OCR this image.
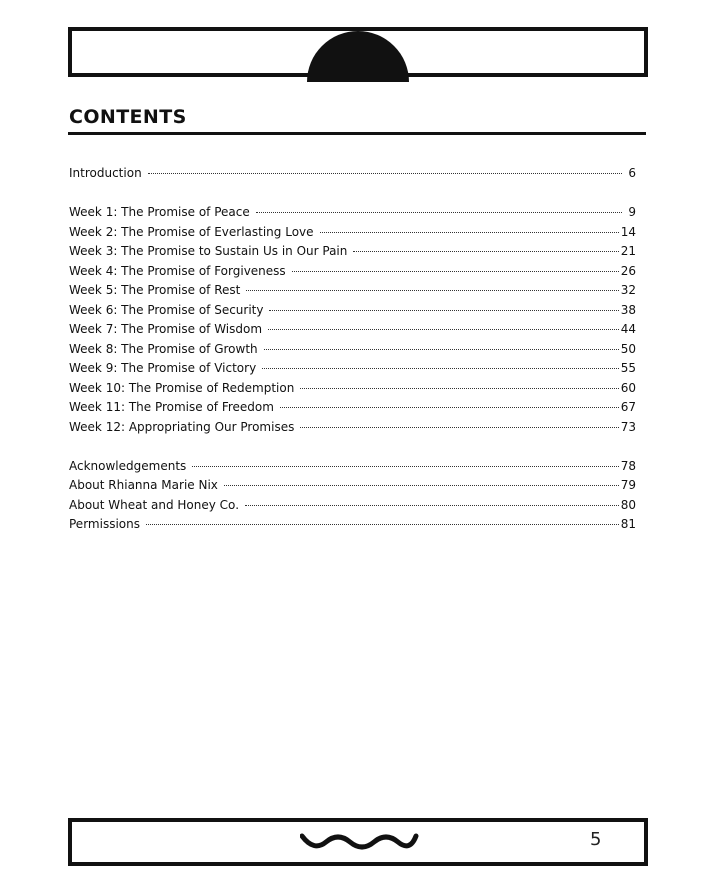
CONTENTS
Introduction	6
Week 1: The Promise of Peace	9
Week 2: The Promise of Everlasting Love	14
Week 3: The Promise to Sustain Us in Our Pain	21
Week 4: The Promise of Forgiveness	26
Week 5: The Promise of Rest	32
Week 6: The Promise of Security	38
Week 7: The Promise of Wisdom	44
Week 8: The Promise of Growth	50
Week 9: The Promise of Victory	55
Week 10: The Promise of Redemption	60
Week 11: The Promise of Freedom	67
Week 12: Appropriating Our Promises	73
Acknowledgements	78
About Rhianna Marie Nix	79
About Wheat and Honey Co.	80
Permissions	81
5
